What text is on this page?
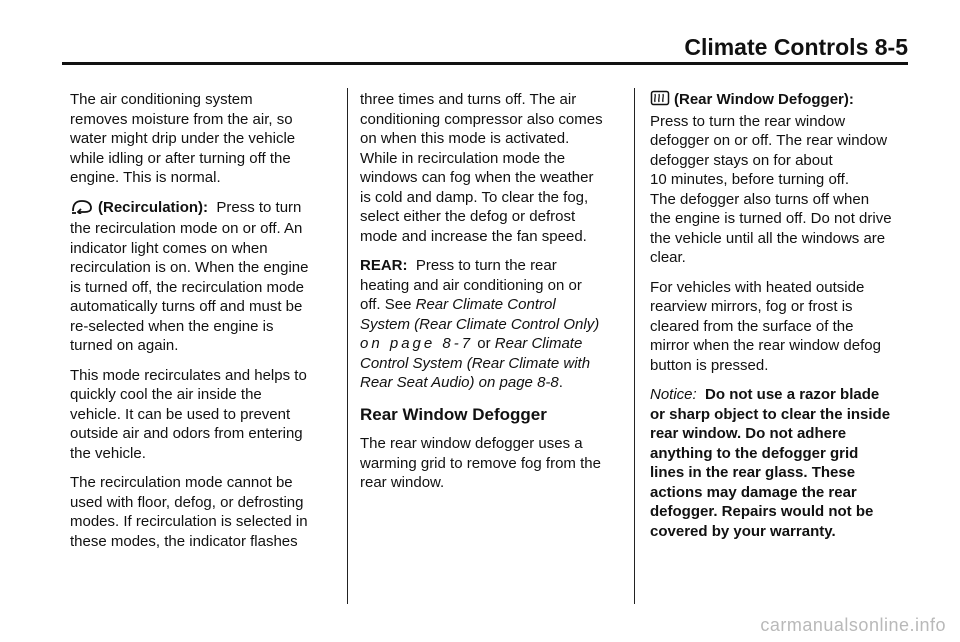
Climate Controls 8-5

The air conditioning system
removes moisture from the air, so
water might drip under the vehicle
while idling or after turning off the
engine. This is normal.

(Recirculation): Press to turn
the recirculation mode on or off. An
indicator light comes on when
recirculation is on. When the engine
is turned off, the recirculation mode
automatically turns off and must be
re-selected when the engine is
turned on again.

This mode recirculates and helps to
quickly cool the air inside the
vehicle. It can be used to prevent
outside air and odors from entering
the vehicle.

The recirculation mode cannot be
used with floor, defog, or defrosting
modes. If recirculation is selected in
these modes, the indicator flashes

three times and turns off. The air
conditioning compressor also comes
on when this mode is activated.
While in recirculation mode the
windows can fog when the weather
is cold and damp. To clear the fog,
select either the defog or defrost
mode and increase the fan speed.

REAR: Press to turn the rear
heating and air conditioning on or
off. See Rear Climate Control
System (Rear Climate Control Only)
on page 8-7 or Rear Climate
Control System (Rear Climate with
Rear Seat Audio) on page 8-8.

Rear Window Defogger

The rear window defogger uses a
warming grid to remove fog from the
rear window.

(Rear Window Defogger):
Press to turn the rear window
defogger on or off. The rear window
defogger stays on for about
10 minutes, before turning off.
The defogger also turns off when
the engine is turned off. Do not drive
the vehicle until all the windows are
clear.

For vehicles with heated outside
rearview mirrors, fog or frost is
cleared from the surface of the
mirror when the rear window defog
button is pressed.

Notice: Do not use a razor blade
or sharp object to clear the inside
rear window. Do not adhere
anything to the defogger grid
lines in the rear glass. These
actions may damage the rear
defogger. Repairs would not be
covered by your warranty.

carmanualsonline.info
